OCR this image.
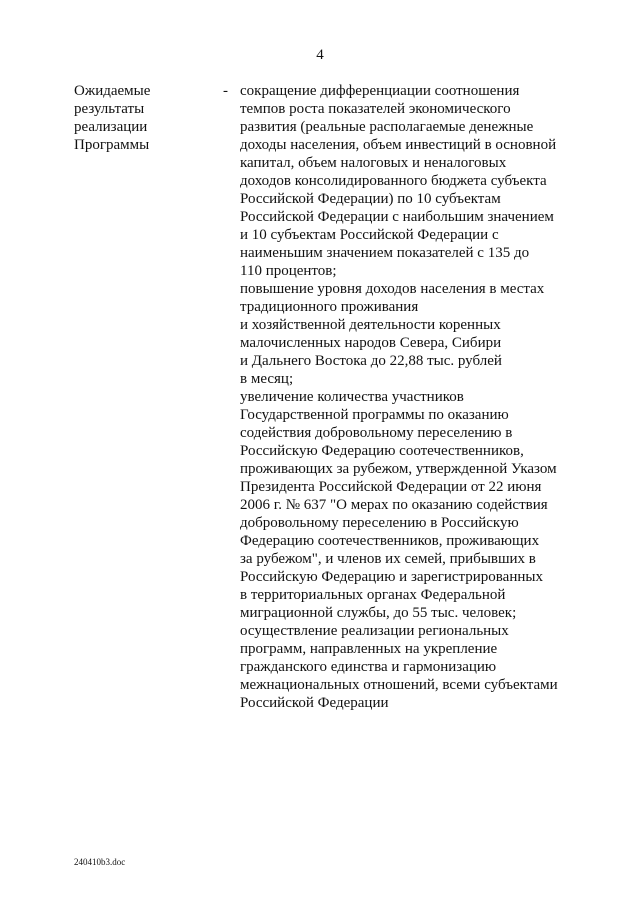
4
Ожидаемые
результаты
реализации
Программы
- сокращение дифференциации соотношения
темпов роста показателей экономического
развития (реальные располагаемые денежные
доходы населения, объем инвестиций в основной
капитал, объем налоговых и неналоговых
доходов консолидированного бюджета субъекта
Российской Федерации) по 10 субъектам
Российской Федерации с наибольшим значением
и 10 субъектам Российской Федерации с
наименьшим значением показателей с 135 до
110 процентов;
повышение уровня доходов населения в местах
традиционного проживания
и хозяйственной деятельности коренных
малочисленных народов Севера, Сибири
и Дальнего Востока до 22,88 тыс. рублей
в месяц;
увеличение количества участников
Государственной программы по оказанию
содействия добровольному переселению в
Российскую Федерацию соотечественников,
проживающих за рубежом, утвержденной Указом
Президента Российской Федерации от 22 июня
2006 г. № 637 "О мерах по оказанию содействия
добровольному переселению в Российскую
Федерацию соотечественников, проживающих
за рубежом", и членов их семей, прибывших в
Российскую Федерацию и зарегистрированных
в территориальных органах Федеральной
миграционной службы, до 55 тыс. человек;
осуществление реализации региональных
программ, направленных на укрепление
гражданского единства и гармонизацию
межнациональных отношений, всеми субъектами
Российской Федерации
240410b3.doc
